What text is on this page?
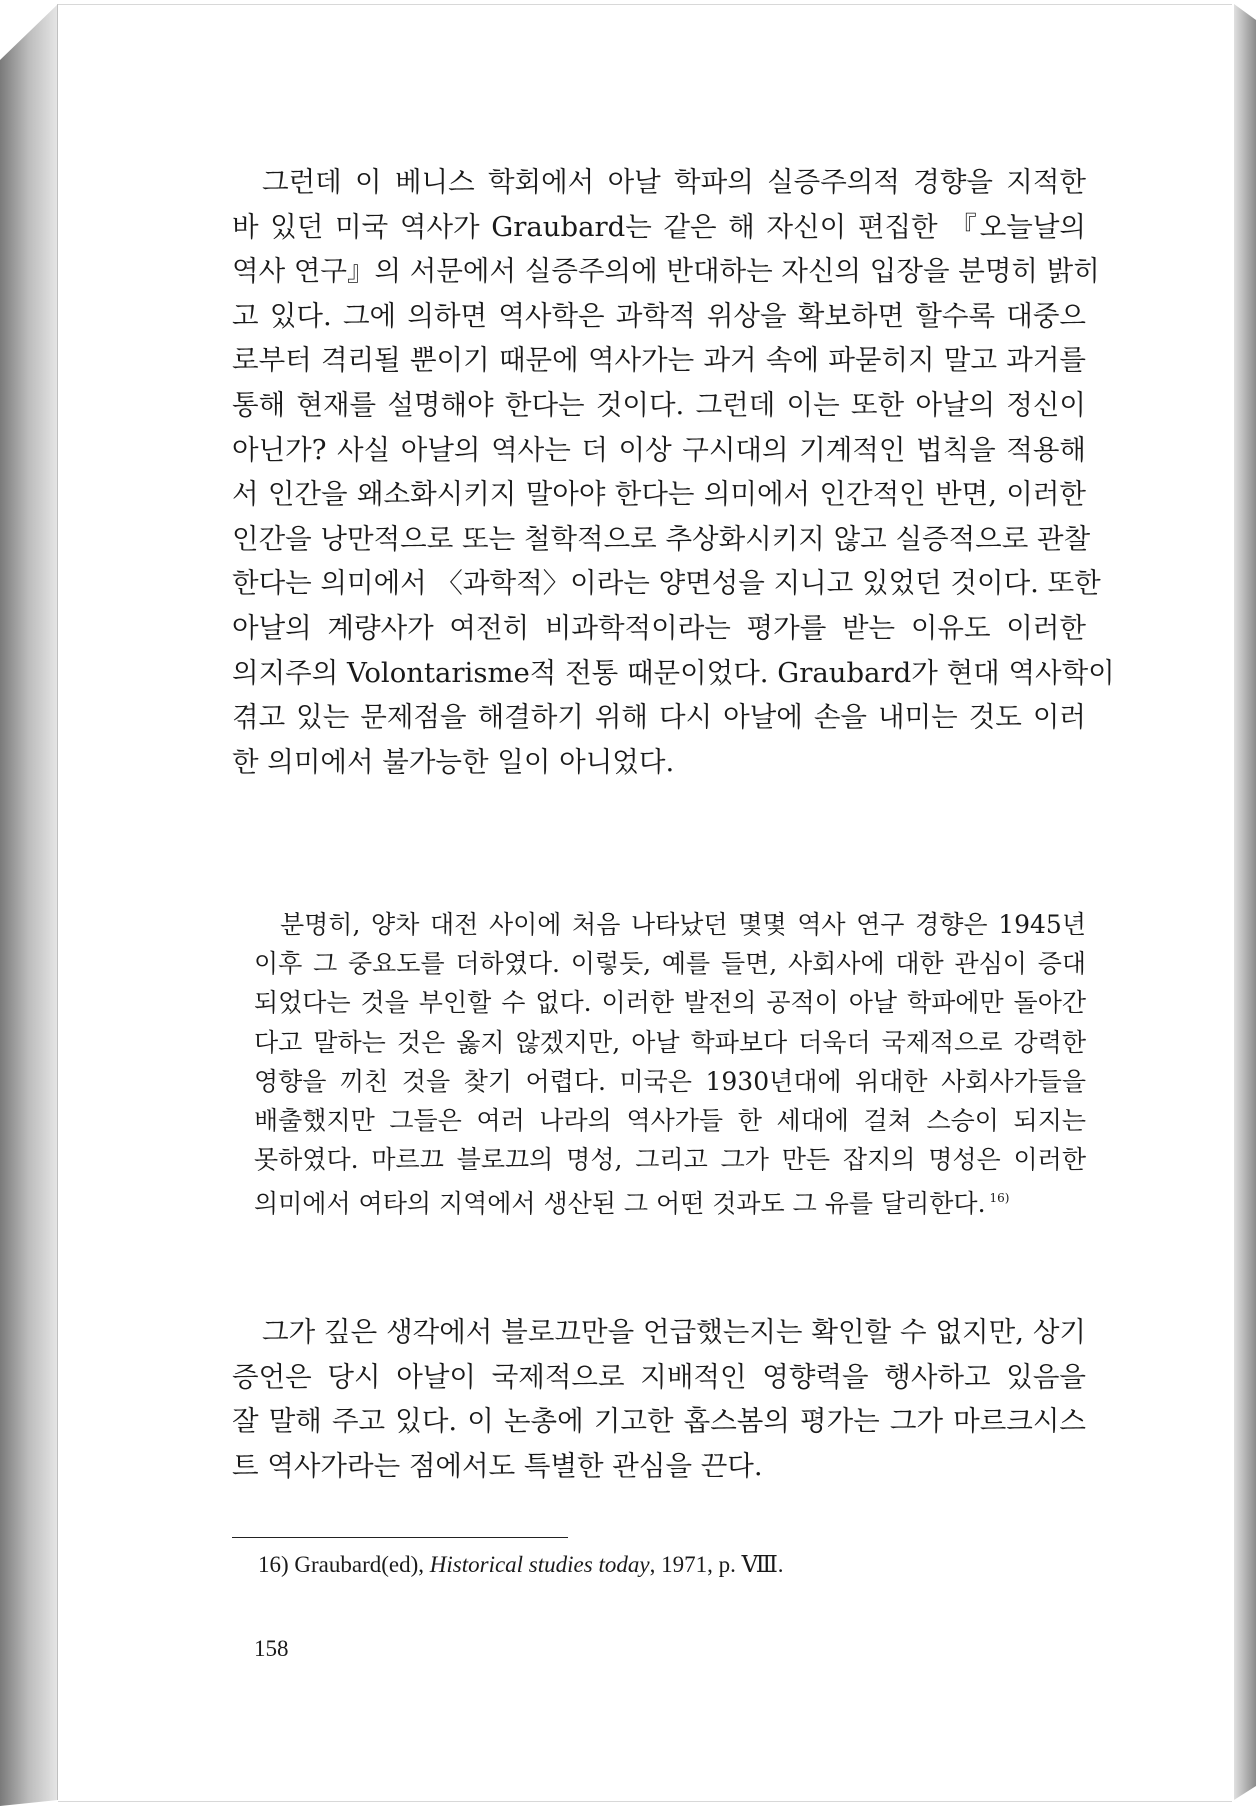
그런데 이 베니스 학회에서 아날 학파의 실증주의적 경향을 지적한
바 있던 미국 역사가 Graubard는 같은 해 자신이 편집한 『오늘날의
역사 연구』의 서문에서 실증주의에 반대하는 자신의 입장을 분명히 밝히
고 있다. 그에 의하면 역사학은 과학적 위상을 확보하면 할수록 대중으
로부터 격리될 뿐이기 때문에 역사가는 과거 속에 파묻히지 말고 과거를
통해 현재를 설명해야 한다는 것이다. 그런데 이는 또한 아날의 정신이
아닌가? 사실 아날의 역사는 더 이상 구시대의 기계적인 법칙을 적용해
서 인간을 왜소화시키지 말아야 한다는 의미에서 인간적인 반면, 이러한
인간을 낭만적으로 또는 철학적으로 추상화시키지 않고 실증적으로 관찰
한다는 의미에서 〈과학적〉이라는 양면성을 지니고 있었던 것이다. 또한
아날의 계량사가 여전히 비과학적이라는 평가를 받는 이유도 이러한
의지주의 Volontarisme적 전통 때문이었다. Graubard가 현대 역사학이
겪고 있는 문제점을 해결하기 위해 다시 아날에 손을 내미는 것도 이러
한 의미에서 불가능한 일이 아니었다.

분명히, 양차 대전 사이에 처음 나타났던 몇몇 역사 연구 경향은 1945년
이후 그 중요도를 더하였다. 이렇듯, 예를 들면, 사회사에 대한 관심이 증대
되었다는 것을 부인할 수 없다. 이러한 발전의 공적이 아날 학파에만 돌아간
다고 말하는 것은 옳지 않겠지만, 아날 학파보다 더욱더 국제적으로 강력한
영향을 끼친 것을 찾기 어렵다. 미국은 1930년대에 위대한 사회사가들을
배출했지만 그들은 여러 나라의 역사가들 한 세대에 걸쳐 스승이 되지는
못하였다. 마르끄 블로끄의 명성, 그리고 그가 만든 잡지의 명성은 이러한
의미에서 여타의 지역에서 생산된 그 어떤 것과도 그 유를 달리한다. $^{16)}$
그가 깊은 생각에서 블로끄만을 언급했는지는 확인할 수 없지만, 상기
증언은 당시 아날이 국제적으로 지배적인 영향력을 행사하고 있음을
잘 말해 주고 있다. 이 논총에 기고한 홉스봄의 평가는 그가 마르크시스
트 역사가라는 점에서도 특별한 관심을 끈다.
16) Graubard(ed), Historical studies today, 1971, p. Ⅷ.
158
